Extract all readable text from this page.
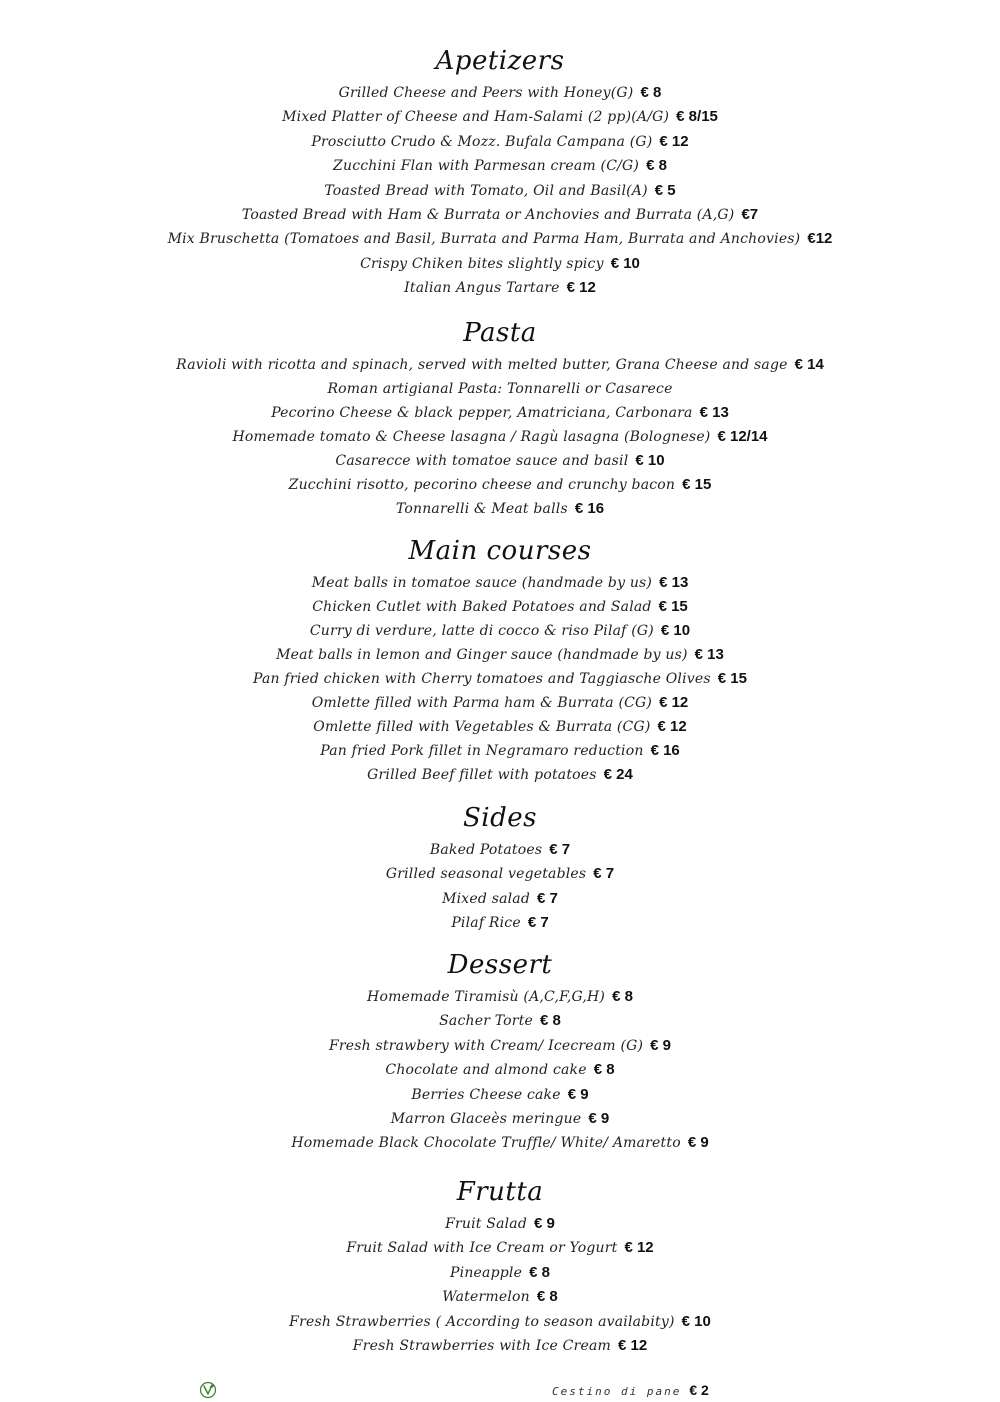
Apetizers
Grilled Cheese and Peers with Honey(G) € 8
Mixed Platter of Cheese and Ham-Salami (2 pp)(A/G) € 8/15
Prosciutto Crudo & Mozz. Bufala Campana (G) € 12
Zucchini Flan with Parmesan cream (C/G) € 8
Toasted Bread with Tomato, Oil and Basil(A) € 5
Toasted Bread with Ham & Burrata or Anchovies and Burrata (A,G) €7
Mix Bruschetta (Tomatoes and Basil, Burrata and Parma Ham, Burrata and Anchovies) €12
Crispy Chiken bites slightly spicy € 10
Italian Angus Tartare € 12
Pasta
Ravioli with ricotta and spinach, served with melted butter, Grana Cheese and sage € 14
Roman artigianal Pasta: Tonnarelli or Casarece
Pecorino Cheese & black pepper, Amatriciana, Carbonara € 13
Homemade tomato & Cheese lasagna / Ragù lasagna (Bolognese) € 12/14
Casarecce with tomatoe sauce and basil € 10
Zucchini risotto, pecorino cheese and crunchy bacon € 15
Tonnarelli & Meat balls € 16
Main courses
Meat balls in tomatoe sauce (handmade by us) € 13
Chicken Cutlet with Baked Potatoes and Salad € 15
Curry di verdure, latte di cocco & riso Pilaf (G) € 10
Meat balls in lemon and Ginger sauce (handmade by us) € 13
Pan fried chicken with Cherry tomatoes and Taggiasche Olives € 15
Omlette filled with Parma ham & Burrata (CG) € 12
Omlette filled with Vegetables & Burrata (CG) € 12
Pan fried Pork fillet in Negramaro reduction € 16
Grilled Beef fillet with potatoes € 24
Sides
Baked Potatoes € 7
Grilled seasonal vegetables € 7
Mixed salad € 7
Pilaf Rice € 7
Dessert
Homemade Tiramisù (A,C,F,G,H) € 8
Sacher Torte € 8
Fresh strawbery with Cream/ Icecream (G) € 9
Chocolate and almond cake € 8
Berries Cheese cake € 9
Marron Glaceès meringue € 9
Homemade Black Chocolate Truffle/ White/ Amaretto € 9
Frutta
Fruit Salad € 9
Fruit Salad with Ice Cream or Yogurt € 12
Pineapple € 8
Watermelon € 8
Fresh Strawberries ( According to season availabity) € 10
Fresh Strawberries with Ice Cream € 12
Cestino di pane € 2
